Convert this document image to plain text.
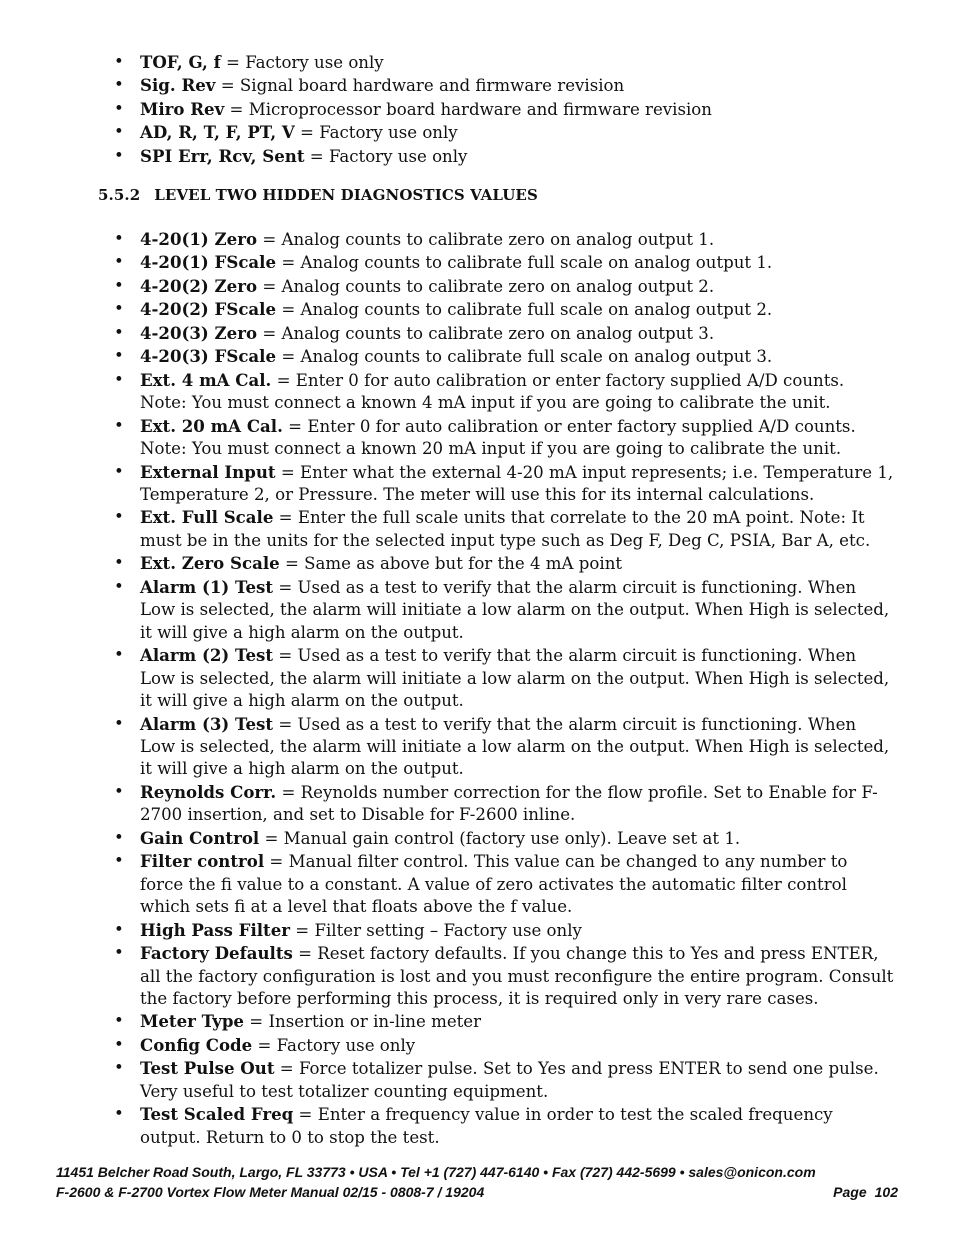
• TOF, G, f = Factory use only
• Sig. Rev = Signal board hardware and firmware revision
• Miro Rev = Microprocessor board hardware and firmware revision
• AD, R, T, F, PT, V = Factory use only
• SPI Err, Rcv, Sent = Factory use only
5.5.2 LEVEL TWO HIDDEN DIAGNOSTICS VALUES
• 4-20(1) Zero = Analog counts to calibrate zero on analog output 1.
• 4-20(1) FScale = Analog counts to calibrate full scale on analog output 1.
• 4-20(2) Zero = Analog counts to calibrate zero on analog output 2.
• 4-20(2) FScale = Analog counts to calibrate full scale on analog output 2.
• 4-20(3) Zero = Analog counts to calibrate zero on analog output 3.
• 4-20(3) FScale = Analog counts to calibrate full scale on analog output 3.
• Ext. 4 mA Cal. = Enter 0 for auto calibration or enter factory supplied A/D counts. Note: You must connect a known 4 mA input if you are going to calibrate the unit.
• Ext. 20 mA Cal. = Enter 0 for auto calibration or enter factory supplied A/D counts. Note: You must connect a known 20 mA input if you are going to calibrate the unit.
• External Input = Enter what the external 4-20 mA input represents; i.e. Temperature 1, Temperature 2, or Pressure. The meter will use this for its internal calculations.
• Ext. Full Scale = Enter the full scale units that correlate to the 20 mA point. Note: It must be in the units for the selected input type such as Deg F, Deg C, PSIA, Bar A, etc.
• Ext. Zero Scale = Same as above but for the 4 mA point
• Alarm (1) Test = Used as a test to verify that the alarm circuit is functioning. When Low is selected, the alarm will initiate a low alarm on the output. When High is selected, it will give a high alarm on the output.
• Alarm (2) Test = Used as a test to verify that the alarm circuit is functioning. When Low is selected, the alarm will initiate a low alarm on the output. When High is selected, it will give a high alarm on the output.
• Alarm (3) Test = Used as a test to verify that the alarm circuit is functioning. When Low is selected, the alarm will initiate a low alarm on the output. When High is selected, it will give a high alarm on the output.
• Reynolds Corr. = Reynolds number correction for the flow profile. Set to Enable for F-2700 insertion, and set to Disable for F-2600 inline.
• Gain Control = Manual gain control (factory use only). Leave set at 1.
• Filter control = Manual filter control. This value can be changed to any number to force the fi value to a constant. A value of zero activates the automatic filter control which sets fi at a level that floats above the f value.
• High Pass Filter = Filter setting – Factory use only
• Factory Defaults = Reset factory defaults. If you change this to Yes and press ENTER, all the factory configuration is lost and you must reconfigure the entire program. Consult the factory before performing this process, it is required only in very rare cases.
• Meter Type = Insertion or in-line meter
• Config Code = Factory use only
• Test Pulse Out = Force totalizer pulse. Set to Yes and press ENTER to send one pulse. Very useful to test totalizer counting equipment.
• Test Scaled Freq = Enter a frequency value in order to test the scaled frequency output. Return to 0 to stop the test.
11451 Belcher Road South, Largo, FL 33773 • USA • Tel +1 (727) 447-6140 • Fax (727) 442-5699 • sales@onicon.com
F-2600 & F-2700 Vortex Flow Meter Manual 02/15 - 0808-7 / 19204	Page 102
